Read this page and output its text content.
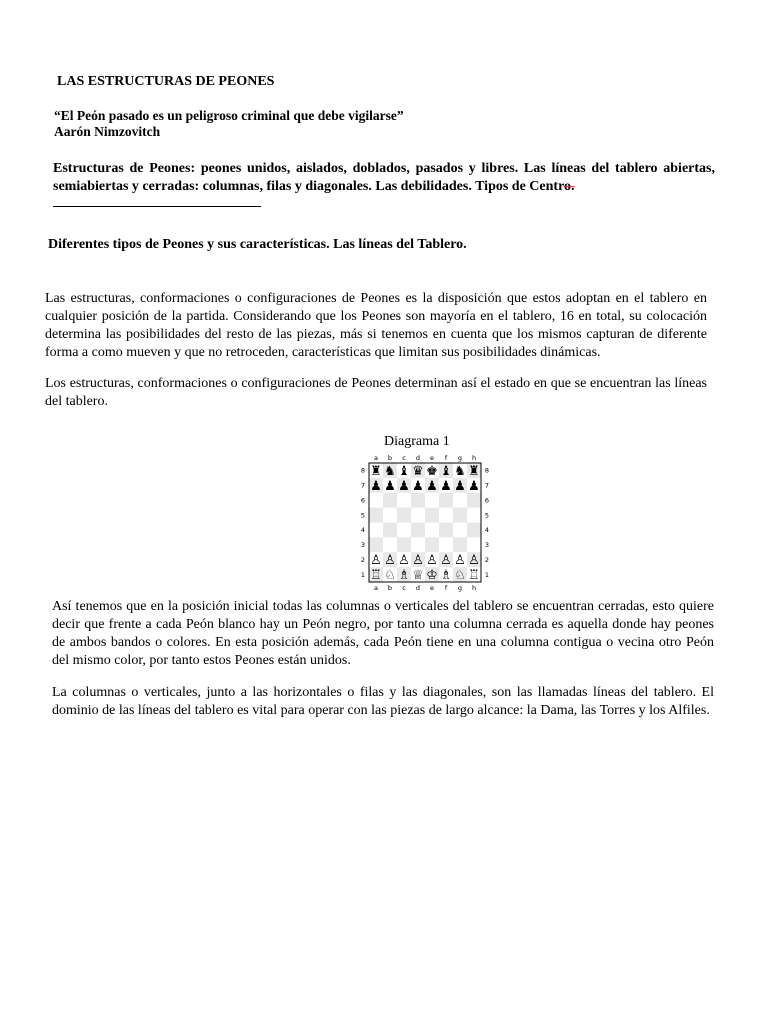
LAS ESTRUCTURAS DE PEONES
“El Peón pasado es un peligroso criminal que debe vigilarse”
Aarón Nimzovitch
Estructuras de Peones: peones unidos, aislados, doblados, pasados y libres. Las líneas del tablero abiertas,
semiabiertas y cerradas: columnas, filas y diagonales. Las debilidades. Tipos de Centro.
Diferentes tipos de Peones y sus características. Las líneas del Tablero.
Las estructuras, conformaciones o configuraciones de Peones es la disposición que estos adoptan en el tablero en cualquier posición de la partida. Considerando que los Peones son mayoría en el tablero, 16 en total, su colocación determina las posibilidades del resto de las piezas, más si tenemos en cuenta que los mismos capturan de diferente forma a como mueven y que no retroceden, características que limitan sus posibilidades dinámicas.
Los estructuras, conformaciones o configuraciones de Peones determinan así el estado en que se encuentran las líneas del tablero.
Diagrama 1
a b c d e f g h
a b c d e f g h
8
7
6
5
4
3
2
1
8
7
6
5
4
3
2
1
♜ ♞ ♝ ♛ ♚ ♝ ♞ ♜
♟ ♟ ♟ ♟ ♟ ♟ ♟ ♟
♙ ♙ ♙ ♙ ♙ ♙ ♙ ♙
♖ ♘ ♗ ♕ ♔ ♗ ♘ ♖
Así tenemos que en la posición inicial todas las columnas o verticales del tablero se encuentran cerradas, esto quiere decir que frente a cada Peón blanco hay un Peón negro, por tanto una columna cerrada es aquella donde hay peones de ambos bandos o colores. En esta posición además, cada Peón tiene en una columna contigua o vecina otro Peón del mismo color, por tanto estos Peones están unidos.
La columnas o verticales, junto a las horizontales o filas y las diagonales, son las llamadas líneas del tablero. El dominio de las líneas del tablero es vital para operar con las piezas de largo alcance: la Dama, las Torres y los Alfiles.
